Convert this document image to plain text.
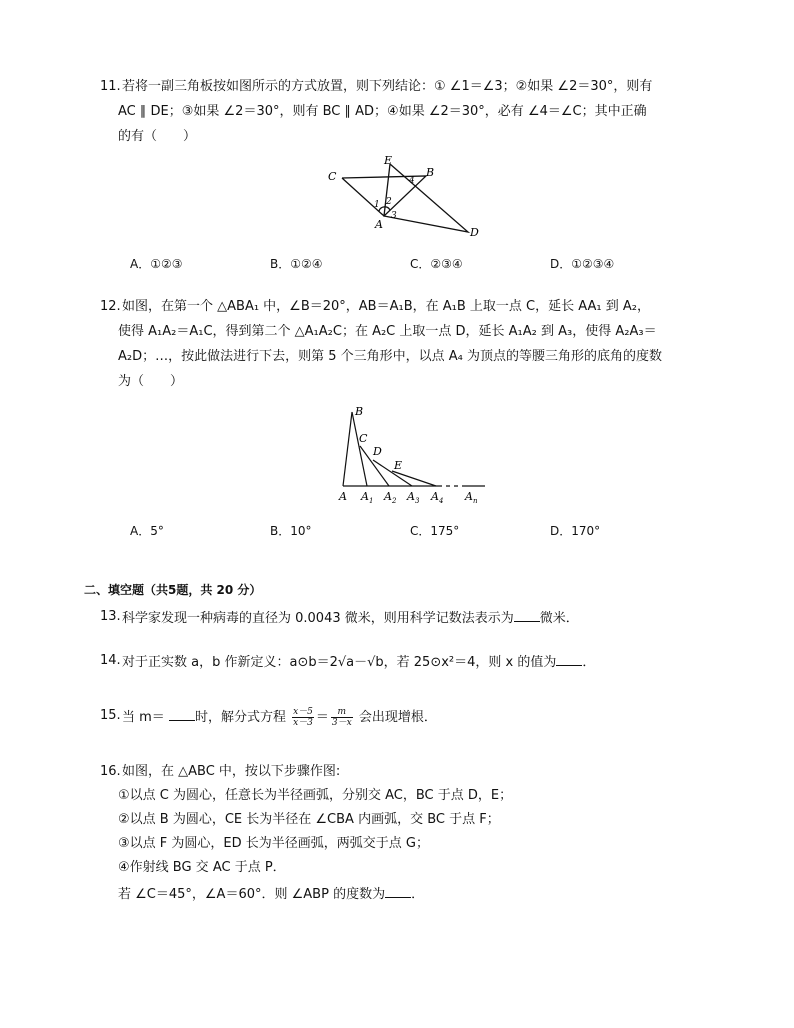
11. 若将一副三角板按如图所示的方式放置，则下列结论：① ∠1＝∠3；②如果 ∠2＝30°，则有
AC ∥ DE；③如果 ∠2＝30°，则有 BC ∥ AD；④如果 ∠2＝30°，必有 ∠4＝∠C；其中正确
的有（　　）
C
E
B
A
D
1 2
3
4
A．①②③	B．①②④	C．②③④	D．①②③④
12. 如图，在第一个 △ABA₁ 中，∠B＝20°，AB＝A₁B，在 A₁B 上取一点 C，延长 AA₁ 到 A₂，
使得 A₁A₂＝A₁C，得到第二个 △A₁A₂C；在 A₂C 上取一点 D，延长 A₁A₂ 到 A₃，使得 A₂A₃＝
A₂D；…，按此做法进行下去，则第 5 个三角形中，以点 A₄ 为顶点的等腰三角形的底角的度数
为（　　）
B
C
D
E
A A 1 A 2 A 3 A 4 A n
A．5°	B．10°	C．175°	D．170°
二、填空题（共5题，共 20 分）
13. 科学家发现一种病毒的直径为 0.0043 微米，则用科学记数法表示为 微米．
14. 对于正实数 a，b 作新定义：a⊙b＝2√a－√b，若 25⊙x²＝4，则 x 的值为 ．
15. 当 m＝ 时，解分式方程 $\frac{x-5}{x-3} = \frac{m}{3-x}$ 会出现增根．
16. 如图，在 △ABC 中，按以下步骤作图:
①以点 C 为圆心，任意长为半径画弧，分别交 AC，BC 于点 D，E；
②以点 B 为圆心，CE 长为半径在 ∠CBA 内画弧，交 BC 于点 F；
③以点 F 为圆心，ED 长为半径画弧，两弧交于点 G；
④作射线 BG 交 AC 于点 P．
若 ∠C＝45°，∠A＝60°．则 ∠ABP 的度数为 ．
